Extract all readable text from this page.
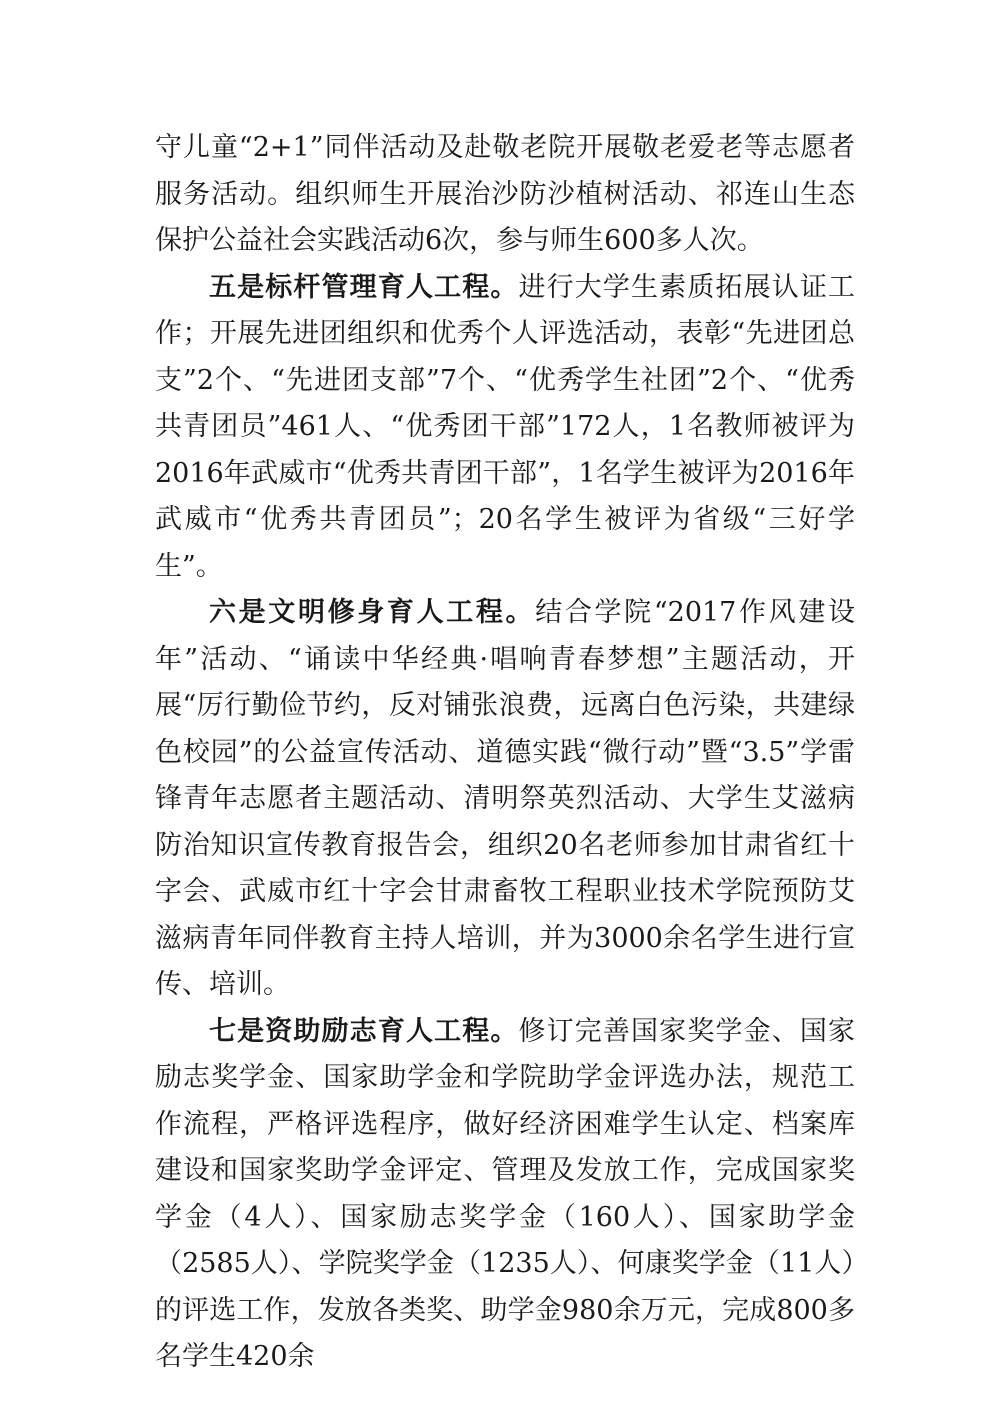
守儿童“2+1”同伴活动及赴敬老院开展敬老爱老等志愿者服务活动。组织师生开展治沙防沙植树活动、祁连山生态保护公益社会实践活动6次，参与师生600多人次。

五是标杆管理育人工程。进行大学生素质拓展认证工作；开展先进团组织和优秀个人评选活动，表彰“先进团总支”2个、“先进团支部”7个、“优秀学生社团”2个、“优秀共青团员”461人、“优秀团干部”172人，1名教师被评为2016年武威市“优秀共青团干部”，1名学生被评为2016年武威市“优秀共青团员”；20名学生被评为省级“三好学生”。

六是文明修身育人工程。结合学院“2017作风建设年”活动、“诵读中华经典·唱响青春梦想”主题活动，开展“厉行勤俭节约，反对铺张浪费，远离白色污染，共建绿色校园”的公益宣传活动、道德实践“微行动”暨“3.5”学雷锋青年志愿者主题活动、清明祭英烈活动、大学生艾滋病防治知识宣传教育报告会，组织20名老师参加甘肃省红十字会、武威市红十字会甘肃畜牧工程职业技术学院预防艾滋病青年同伴教育主持人培训，并为3000余名学生进行宣传、培训。

七是资助励志育人工程。修订完善国家奖学金、国家励志奖学金、国家助学金和学院助学金评选办法，规范工作流程，严格评选程序，做好经济困难学生认定、档案库建设和国家奖助学金评定、管理及发放工作，完成国家奖学金（4人）、国家励志奖学金（160人）、国家助学金（2585人）、学院奖学金（1235人）、何康奖学金（11人）的评选工作，发放各类奖、助学金980余万元，完成800多名学生420余
